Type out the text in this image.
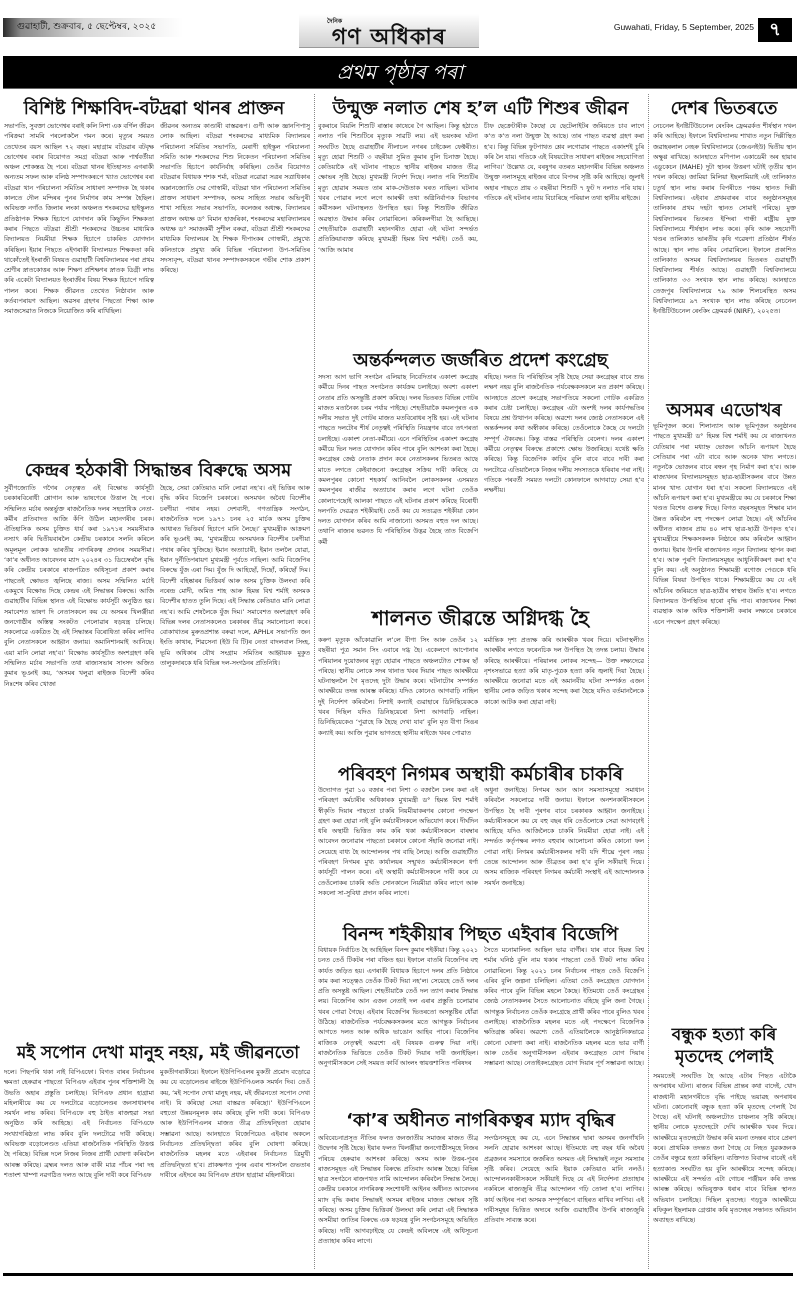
গুৱাহাটী, শুক্ৰবাৰ, ৫ ছেপ্টেম্বৰ, ২০২৫
দৈনিক
গণ অধিকাৰ	Guwahati, Friday, 5 September, 2025 ৭
প্ৰথম পৃষ্ঠাৰ পৰা
বিশিষ্ট শিক্ষাবিদ-বটদ্ৰৱা থানৰ প্ৰাক্তন
সভাপতি, সুবক্তা ভোগেশ্বৰ বৰাই কলি নিশা এক বৰ্ণিল জীৱন পৰিক্ৰমা সামৰি পৰলোকলৈ গমন কৰে। মৃত্যুৰ সময়ত তেখেতৰ বয়স আছিল ৭২ বছৰ। মহাগ্ৰাম বটদ্ৰৱাৰ বটবৃক্ষ ভোগেশ্বৰ বৰাৰ বিয়োগত সমগ্ৰ বটদ্ৰৱা আৰু পাৰ্শ্ববৰ্তীয়া অঞ্চল শোকস্তব্ধ হৈ পৰে। বটদ্ৰৱা থানৰ ইতিহাসত এগৰাকী অন্যতম সফল আৰু বলিষ্ঠ সম্পাদকৰূপে খ্যাত ভোগেশ্বৰ বৰা বটদ্ৰৱা থান পৰিচালনা সমিতিৰ সাধাৰণ সম্পাদক হৈ থকাৰ কালতে দৌল মন্দিৰৰ পুনৰ নিৰ্মাণৰ কাম সম্পন্ন হৈছিল। অবিভক্ত নগাঁও জিলাৰ লংকা অঞ্চলত শংকৰদেৱ হাইস্কুলত প্ৰতিষ্ঠাপক শিক্ষক হিচাপে যোগদান কৰি কিছুদিন শিক্ষকতা কৰাৰ পিছতে বটদ্ৰৱা শ্ৰীশ্ৰী শংকৰদেৱ উচ্চতৰ মাধ্যমিক বিদ্যালয়ত নিয়মীয়া শিক্ষক হিচাপে চাকৰিত যোগদান কৰিছিল। ইয়াৰ পিছতে এইগৰাকী বিদ্যালয়ত শিক্ষকতা কৰি থাকোঁতেই ইংৰাজী বিষয়ত গুৱাহাটী বিশ্ববিদ্যালয়ৰ পৰা প্ৰথম শ্ৰেণীৰ স্নাতকোত্তৰ আৰু শিক্ষণ প্ৰশিক্ষণৰ স্নাতক ডিগ্ৰী লাভ কৰি একেটা বিদ্যালয়ত ইংৰাজীৰ বিষয় শিক্ষক হিচাপে দায়িত্ব পালন কৰে। শিক্ষক জীৱনত তেখেত নিষ্ঠাবান আৰু কৰ্তব্যপৰায়ণ আছিল। অৱসৰ গ্ৰহণৰ পিছতো শিক্ষা আৰু সমাজসেৱাত নিজকে নিয়োজিত কৰি ৰাখিছিল।
জীৱনৰ অন্যতম কাণ্ডাৰী বাস্তৱৰূপ। গুণী আৰু জ্ঞানপিপাসু লোক আছিল। বটদ্ৰৱা শংকৰদেৱ মাধ্যমিক বিদ্যালয়ৰ পৰিচালনা সমিতিৰ সভাপতি, মেৰাণী হাইস্কুল পৰিচালনা সমিতি আৰু শংকৰদেৱ শিশু নিকেতন পৰিচালনা সমিতিৰ সভাপতি হিচাপে কাৰ্যনিৰ্বাহ কৰিছিল। তেওঁৰ বিয়োগত বটদ্ৰৱাৰ বিধায়ক শশক শৰ্মা, বটদ্ৰৱা নৱোৱা সত্ৰৰ সত্ৰাধিকাৰ অম্লানজ্যোতি দেৱ গোস্বামী, বটদ্ৰৱা থান পৰিচালনা সমিতিৰ প্ৰাক্তন সাধাৰণ সম্পাদক, অসম সাহিত্য সভাৰ অভিপুৰী শাখা সাহিত্য সভাৰ সভাপতি, কলেজৰ অধ্যক্ষ, বিদ্যালয়ৰ প্ৰাক্তন অধ্যক্ষ ড° বিমান হাজৰিকা, শংকৰদেৱ মহাবিদ্যালয়ৰ অধ্যক্ষ ড° সমাজকৰ্মী সুশীল বৰুৱা, বটদ্ৰৱা শ্ৰীশ্ৰী শংকৰদেৱ মাধ্যমিক বিদ্যালয়ৰ হৈ শিক্ষক দীপাংকৰ গোস্বামী, প্ৰমুখ্যে কলিতাকে প্ৰমুখ্য কৰি বিভিন্ন পৰিচালনা উপ-সমিতিৰ সদস্যবৃন্দ, বটদ্ৰৱা থানৰ সম্পাদকসকলে গভীৰ শোক প্ৰকাশ কৰিছে।
উন্মুক্ত নলাত শেষ হ’ল এটি শিশুৰ জীৱন
বুকৰাৰে বিয়লি শিশুটি ৰাস্তাৰ কাষেৰে গৈ আছিল। কিন্তু হঠাতে নলাত পৰি শিশুটিৰে মৃত্যুক সাৱটি লয়। এই ভয়ংকৰ ঘটনা সংঘটিত হৈছে গুৱাহাটীৰ নীলাচল নগৰৰ চাইকেল ফেক্টৰীত। মৃত্যু হোৱা শিশুটি ৩ বছৰীয়া সুমিত কুমাৰ বুলি চিনাক্ত হৈছে। কেতিয়াকৈ এই ঘটনাৰ পাছতে স্থানীয় ৰাইজৰ মাজত তীব্ৰ ক্ষোভৰ সৃষ্টি হৈছে। মুখ্যমন্ত্ৰী নিৰ্দেশ দিছে। নলাত পৰি শিশুটিৰ মৃত্যু হোৱাৰ সময়ত তাৰ মাক-দেউতাক ঘৰত নাছিল। ঘটনাৰ খবৰ পোৱাৰ লগে লগে আৰক্ষী তথা অগ্নিনিৰ্বাপক বিভাগৰ কৰ্মীসকল ঘটনাস্থলত উপস্থিত হয়। কিন্তু শিশুটিক জীৱিত অৱস্থাত উদ্ধাৰ কৰিব নোৱাৰিলে। কৰিকলগীয়া হৈ আছিছে। শেহতীয়াকৈ গুৱাহাটী মহানগৰীত হোৱা এই ঘটনা সন্দৰ্ভত প্ৰতিক্ৰিয়াব্যক্ত কৰিছে মুখ্যমন্ত্ৰী হিমন্ত বিশ্ব শৰ্মাই। তেওঁ কয়, ‘আজি আমাৰ
চীফ ছেক্ৰেটাৰীক কৈছো যে ছেটেলাইটৰ জৰিয়তে চাব লাগে ক’ত ক’ত নলা উন্মুক্ত হৈ আছে। তাৰ পাছত ব্যৱস্থা গ্ৰহণ কৰা হ’ব। কিন্তু বিভিন্ন ফুটপাথত শ্লেব লগোৱাৰ পাছতে একাংশই চুৰি কৰি লৈ যায়। গতিকে এই বিষয়টোত সাধাৰণ ৰাইজৰ সহযোগিতা লাগিব।’ উল্লেখ্য যে, বৰষুণৰ বতৰত মহানগৰীৰ বিভিন্ন অঞ্চলত উন্মুক্ত নলাসমূহে ৰাইজৰ বাবে বিপদৰ সৃষ্টি কৰি আহিছে। জুলাই অহাৰ পাছতে প্ৰায় ৩ বছৰীয়া শিশুটি ৭ ফুট দ নলাত পৰি যায়। গতিকে এই ঘটনাৰ ন্যায় বিচাৰিছে পৰিয়াল তথা স্থানীয় ৰাইজে।
দেশৰ ভিতৰতে
নেচনেল ইনষ্টিটিউচনেল ৰেংকিং ফ্ৰেমৱৰ্কত শীৰ্ষস্থান দখল কৰি আহিছে। ইফালে বিশ্ববিদ্যালয় শাখাত নতুন দিল্লীস্থিত জৱাহৰলাল নেহৰু বিশ্ববিদ্যালয়ে (জেএনইউ) দ্বিতীয় স্থান অক্ষুণ্ণ ৰাখিছে। আনহাতে মণিপাল একাডেমী অৰ হায়াৰ এডুকেচন (MAHE) দুটা স্থানৰ উত্তৰণ ঘটাই তৃতীয় স্থান দখল কৰিছে। জামিয়া মিলিয়া ইছলামিয়াই এই তালিকাত চতুৰ্থ স্থান লাভ কৰাৰ বিপৰীতে পঞ্চম স্থানত দিল্লী বিশ্ববিদ্যালয়। এইবাৰ প্ৰথমবাৰৰ বাবে অনুষ্ঠানসমূহৰ তালিকাৰ প্ৰথম দহটা স্থানত সোমাই পৰিছে। মুক্ত বিশ্ববিদ্যালয়ৰ ভিতৰত ইন্দিৰা গান্ধী ৰাষ্ট্ৰীয় মুক্ত বিশ্ববিদ্যালয়ে শীৰ্ষস্থান লাভ কৰে। কৃষি আৰু সহযোগী খণ্ডৰ তালিকাত ভাৰতীয় কৃষি গৱেষণা প্ৰতিষ্ঠান শীৰ্ষত আছে। স্থান লাভ কৰিব নোৱাৰিলে। ইফালে প্ৰকাশিত তালিকাত অসমৰ বিশ্ববিদ্যালয়ৰ ভিতৰত গুৱাহাটী বিশ্ববিদ্যালয় শীৰ্ষত আছে। গুৱাহাটী বিশ্ববিদ্যালয়ে তালিকাত ৩৩ সংখ্যক স্থান লাভ কৰিছে। আনহাতে তেজপুৰ বিশ্ববিদ্যালয়ে ৭৯ আৰু শিলচৰস্থিত অসম বিশ্ববিদ্যালয়ে ৯৭ সংখ্যক স্থান লাভ কৰিছে নেচনেল ইনষ্টিটিউচনেল ৰেংকিং ফ্ৰেমৱৰ্ক (NIRF), ২০২৫ত।
অন্তৰ্কন্দলত জৰ্জৰিত প্ৰদেশ কংগ্ৰেছ
সদস্য আগ ভাগি সংগঠন এলিয়াছ নিবেদিতাৰ একাংশ কংগ্ৰেছ কৰ্মীয়ে দিনৰ পাছত সংগঠনত কাৰ্যক্ৰম চলাইছে। অবশ্য একাংশ নেতাৰ প্ৰতি অসন্তুষ্টি প্ৰকাশ কৰিছে। দলৰ ভিতৰত বিভিন্ন গোটৰ মাজত মতানৈক্য চৰম পৰ্যায় পাইছে। শেহতীয়াকৈ কমলপুৰত এক দলীয় সভাত দুই গোটৰ মাজত মতবিৰোধৰ সৃষ্টি হয়। এই ঘটনাৰ পাছতে দলটোৰ শীৰ্ষ নেতৃত্বই পৰিস্থিতি নিয়ন্ত্ৰণৰ বাবে তৎপৰতা চলাইছে। একাংশ নেতা-কৰ্মীয়ে। এনে পৰিস্থিতিৰ একাংশ কংগ্ৰেছ কৰ্মীয়ে ভিন দলত যোগদান কৰিব পাৰে বুলি আশংকা কৰা হৈছে। কংগ্ৰেছৰ জেষ্ঠ নেতাক প্ৰদান কৰে নেতাসকলৰ ভিতৰত আছে মাতে লগতে কেইবাজনো কংগ্ৰেছৰ সক্ৰিয় দাবী কৰিছে যে কমলপুৰৰ কোনো শহকাৰ্য আনিবলৈ লোকসকলৰ এসময়ত কমলপুৰৰ ৰাজীৱ অত্যাচাৰ কৰাৰ লগে ঘটনা তেওঁক কোলাপেছোই আলকা পাছতে এই ঘটনাৰ প্ৰকাশ কৰিছে বিৰোধী দলপতি দেৱব্ৰত শইকীয়াই। তেওঁ কয় যে সত্যব্ৰত শইকীয়া কোন দলত যোগদান কৰিব আমি নাজানো। অসমত বহুত দল আছে। তথাপি ৰাজ্যৰ ভৱনত যি পৰিস্থিতিৰ উদ্ভৱ হৈছে তাত বিজেপি কৰ্মী
ৰহিছে। দলত যি পৰিস্থিতিৰ সৃষ্টি হৈছে সেয়া কংগ্ৰেছৰ বাবে শুভ লক্ষণ নহয় বুলি ৰাজনৈতিক পৰ্যবেক্ষকসকলে মত প্ৰকাশ কৰিছে। আনহাতে প্ৰদেশ কংগ্ৰেছ সভাপতিয়ে সকলো গোটক একত্ৰিত কৰাৰ চেষ্টা চলাইছে। কংগ্ৰেছৰ এটা অংশই দলৰ কাৰ্যপদ্ধতিৰ বিষয়ে প্ৰশ্ন উত্থাপন কৰিছে। অৱশ্যে দলৰ জ্যেষ্ঠ নেতাসকলে এই অন্তৰ্কন্দলৰ কথা অস্বীকাৰ কৰিছে। তেওঁলোকে কৈছে যে দলটো সম্পূৰ্ণ ঐক্যবদ্ধ। কিন্তু বাস্তৱ পৰিস্থিতি বেলেগ। দলৰ একাংশ কৰ্মীয়ে নেতৃত্বৰ বিৰুদ্ধে প্ৰকাশ্যে ক্ষোভ উজাৰিছে। যথেষ্ট ক্ষতি কৰিছে। কিন্তু বিজেপিক কাঢ়িব বুলি বাবে বাবে দাবী কৰা দলটোৱে এতিয়ালৈকে নিজৰ দলীয় সদস্যতকে ধৰিবাৰ পৰা নাই। গতিকে পৰবৰ্তী সময়ত দলটো কোনফালে আগবাঢ়ে সেয়া হ’ব লক্ষণীয়।
কেন্দ্ৰৰ হঠকাৰী সিদ্ধান্তৰ বিৰুদ্ধে অসম
সুৰ্বীণজ্যোতি গগৈৰ নেতৃত্বত এই বিক্ষোভ কাৰ্যসূচী চৰকাৰবিৰোধী শ্লোগান আৰু ভাষণেৰে উত্তাল হৈ পৰে। সন্মিলিত মৰ্চাৰ অন্তৰ্ভুক্ত ৰাজনৈতিক দলৰ সহস্ৰাধিক নেতা-কৰ্মীৰ প্ৰতিবাদত আজি কঁপি উঠিল মহানগৰীৰ চৰক। ঐতিহাসিক অসম চুক্তিত ধাৰ্য কৰা ১৯৭১ৰ সময়সীমাক নস্যাৎ কৰি দ্বিতীয়বাৰলৈ কেন্দ্ৰীয় চৰকাৰে সলনি কৰিলে অমূলমূল লোকক ভাৰতীয় নাগৰিকত্ব প্ৰদানৰ সময়সীমা। ‘কা’ৰ অধীনত আবেদনৰ ম্যাদ ২০২৪ৰ ৩১ ডিচেম্বৰলৈ বৃদ্ধি কৰি কেন্দ্ৰীয় চৰকাৰে ৰাজপত্ৰিত অধিসূচনা প্ৰকাশ কৰাৰ পাছতেই ক্ষোভত জ্বলিছে ৰাজ্য। অসম সন্মিলিত মৰ্চাই একমুখে বিক্ষোভ দিছে কেন্দ্ৰৰ এই সিদ্ধান্তৰ বিৰুদ্ধে। আজি গুৱাহাটীৰ বিভিন্ন স্থানত এই বিক্ষোভ কাৰ্যসূচী অনুষ্ঠিত হয়। সমাবেশত ভাষণ দি নেতাসকলে কয় যে অসমৰ খিলঞ্জীয়া জনগোষ্ঠীৰ অস্তিত্ব সংকটত পেলোৱাৰ ষড়যন্ত্ৰ চলিছে। সকলোৱে একত্ৰিত হৈ এই সিদ্ধান্তৰ বিৰোধিতা কৰিব লাগিব বুলি নেতাসকলে আহ্বান জনায়। অমানিশানমাই আনিছে। এয়া মানি লোৱা নহ’ব।’ বিক্ষোভ কাৰ্যসূচীত অংশগ্ৰহণ কৰি সন্মিলিত মৰ্চাৰ সভাপতি তথা ৰাজ্যসভাৰ সাংসদ অজিত কুমাৰ ভূঞাই কয়, ‘অসমৰ খলুৱা ৰাইজক বিদেশী কৰিব নিঃশেষ কৰিব খোজা
হৈছে, সেয়া কেতিয়াও মানি লোৱা নহ’ব। এই ভিত্তিৰ আৰু বৃদ্ধি কৰিব বিজেপি চৰকাৰে। অসমখন অবৈধ বিদেশীৰ চৰণীয়া পথাৰ নহয়। দেশবাসী, গণতান্ত্ৰিক সংগঠন, ৰাজনৈতিক দলে ১৯৭১ চনৰ ২৫ মাৰ্চক অসম চুক্তিৰ আধাৰত ভিত্তিবৰ্ষ হিচাপে মানি লৈছে।’ মুখ্যমন্ত্ৰীক আক্ৰমণ কৰি ভূঞাই কয়, ‘মুখ্যমন্ত্ৰীয়ে অসমখনক বিদেশীৰ চৰণীয়া পথাৰ কৰিব খুজিছে। ইমান অত্যাচাৰী, ইমান তললৈ যোৱা, ইমান দুৰ্নীতিপৰায়ণ মুখ্যমন্ত্ৰী পূৰ্বতে নাছিল। আমি বিজেপিৰ বিৰুদ্ধে যুঁজ এৰা দিম। যুঁজ দি আহিছোঁ, দিছোঁ, কৰিছোঁ দিম। বিদেশী বহিষ্কাৰৰ ভিত্তিবৰ্ষ আৰু অসম চুক্তিক উলংঘা কৰি নৰেন্দ্ৰ মোদী, অমিত শাহ আৰু হিমন্ত বিশ্ব শৰ্মাই অসমক বিদেশীৰ হাতত তুলি দিছে। এই সিদ্ধান্ত কেতিয়াও মানি লোৱা নহ’ব। আমি শেষলৈকে যুঁজ দিম।’ সমাবেশত অংশগ্ৰহণ কৰি বিভিন্ন দলৰ নেতাসকলেও চৰকাৰৰ তীব্ৰ সমালোচনা কৰে। বোকাখাতৰ মুৰুতপ্ৰশান্ত বৰুৱা দলে, APHLৰ সভাপতি জন ইংতি কাথাৰ, শিৱসেনা (ইউ বি টি)ৰ নেতা বাদলবাল সিংহ, ভূমি অধিকাৰ যৌথ সংগ্ৰাম সমিতিৰ আহ্বায়ক মুকুত তালুকদাৰকে ধৰি বিভিন্ন দল-সংগঠনৰ প্ৰতিনিধি।
শালনত জীৱন্তে অগ্নিদগ্ধ হৈ
কৰুণ মৃত্যুক আঁকোৱালি ল’লে বীণা সিং আৰু তেওঁৰ ১২ বছৰীয়া পুত্ৰ সমান সিং এবাৰে দগ্ধ হৈ। একেলগে আপোনাৰ পৰিয়ালৰ দুয়োজনৰ মৃত্যু হোৱাৰ পাছতে অঞ্চলটোত শোকৰ ছাঁ পৰিছে। স্থানীয় লোকে সদৰ থানাত খবৰ দিয়াৰ পাছত আৰক্ষীয়ে ঘটনাস্থললৈ গৈ মৃতদেহ দুটা উদ্ধাৰ কৰে। ঘটনাটোৰ সম্পৰ্কত আৰক্ষীয়ে তদন্ত আৰম্ভ কৰিছে। যদিও কোনেও আগবাঢ়ি নাহিল দুই নিৰ্দেশণ কৰিবলৈ। নিশাই কন্যাই গুৱাহাৰে ডিনিছিয়েককে খবৰ দিছিল যদিও ডিনিছয়েৰো নিশা আগবাঢ়ি নাহিল। ডিনিছিয়েকেও ‘পুৱাহে কি হৈছে দেখা যাব’ বুলি মৃত বীণা সিঙৰ কন্যাই কয়। আজি পুৱাৰ ভাগতহে স্থানীয় ৰাইজে খবৰ পোৱাত
মৰ্মান্তিক দৃশ্য প্ৰত্যক্ষ কৰি আৰক্ষীক খবৰ দিয়ে। ঘটনাস্থলীত আৰক্ষীৰ লগতে ফৰেনচিক দল উপস্থিত হৈ তদন্ত চলায়। উদ্ধাৰ কৰিছে আৰক্ষীয়ে। পৰিয়ালৰ লোকৰ সন্দেহ— উক্ত লক্ষ্যদেৱে নৃশংসভাৱে হত্যা কৰি মাতৃ-পুত্ৰক হত্যা কৰি জ্বলাই দিয়া হৈছে। আৰক্ষীয়ে জনোৱা মতে এই অমানবীয় ঘটনা সম্পৰ্কত এজন স্থানীয় লোক জড়িত থকাৰ সন্দেহ কৰা হৈছে যদিও বৰ্তমানলৈকে কাকো আটক কৰা হোৱা নাই।
অসমৰ এডোখৰ
ভূমিপূজন কৰে। শিলান্যাস আৰু ভূমিপূজন অনুষ্ঠানৰ পাছতে মুখ্যমন্ত্ৰী ড° হিমন্ত বিশ্ব শৰ্মাই কয় যে ৰাজ্যখনত যেতিয়াৰ পৰা মধ্যাহ্ন ভোজন আঁচনি ৰূপায়ণ হৈছে সেতিয়াৰ পৰা এটা বাবে আৰু অনেক খাদ্য লগতে। নতুনকৈ ভোজনৰ বাবে ৰন্ধন গৃহ নিৰ্মাণ কৰা হ’ব। আৰু ৰাজ্যখনৰ বিদ্যালয়সমূহত ছাত্ৰ-ছাত্ৰীসকলৰ বাবে উন্নত মানৰ খাদ্য যোগান ধৰা হ’ব। সকলো বিদ্যালয়তে এই আঁচনি ৰূপায়ণ কৰা হ’ব। মুখ্যমন্ত্ৰীয়ে কয় যে চৰকাৰে শিক্ষা খণ্ডত বিশেষ গুৰুত্ব দিছে। বিগত বছৰসমূহত শিক্ষাৰ মান উন্নত কৰিবলৈ বহু পদক্ষেপ লোৱা হৈছে। এই আঁচনিৰ অধীনত ৰাজ্যৰ প্ৰায় ৪০ লাখ ছাত্ৰ-ছাত্ৰী উপকৃত হ’ব। মুখ্যমন্ত্ৰীয়ে শিক্ষকসকলক নিষ্ঠাৰে কাম কৰিবলৈ আহ্বান জনায়। ইয়াৰ উপৰি ৰাজ্যখনত নতুন বিদ্যালয় স্থাপন কৰা হ’ব। আৰু পুৰণি বিদ্যালয়সমূহৰ আধুনিকীকৰণ কৰা হ’ব বুলি কয়। এই অনুষ্ঠানত শিক্ষামন্ত্ৰী ৰণোজ পেগুকে ধৰি বিভিন্ন বিষয়া উপস্থিত থাকে। শিক্ষামন্ত্ৰীয়ে কয় যে এই আঁচনিৰ জৰিয়তে ছাত্ৰ-ছাত্ৰীৰ স্বাস্থ্যৰ উন্নতি হ’ব। লগতে বিদ্যালয়ত উপস্থিতিৰ হাৰো বৃদ্ধি পাব। ৰাজ্যখনৰ শিক্ষা ব্যৱস্থাক আৰু অধিক শক্তিশালী কৰাৰ লক্ষ্যৰে চৰকাৰে এনে পদক্ষেপ গ্ৰহণ কৰিছে।
পৰিবহণ নিগমৰ অস্থায়ী কৰ্মচাৰীৰ চাকৰি
উদ্যোগত পুৱা ১০ বজাৰ পৰা নিশা ৩ বজালৈ চলৰ কৰা এই পৰিবহণ কৰ্মচাৰীৰ অধিকাৰক মুখ্যমন্ত্ৰী ড° হিমন্ত বিশ্ব শৰ্মাই স্বীকৃতি দিয়াৰ পাছতো চাকৰি নিয়মীয়াকৰণৰ কোনো পদক্ষেপ গ্ৰহণ কৰা হোৱা নাই বুলি কৰ্মচাৰীসকলে অভিযোগ কৰে। দীৰ্ঘদিন ধৰি অস্থায়ী ভিত্তিত কাম কৰি থকা কৰ্মচাৰীসকলে বাৰম্বাৰ আবেদন জনোৱাৰ পাছতো চৰকাৰে কোনো সঁহাৰি জনোৱা নাই। সেয়েহে বাধ্য হৈ আন্দোলনৰ পথ বাছি লৈছে। আজি গুৱাহাটীত পৰিবহণ নিগমৰ মুখ্য কাৰ্যালয়ৰ সন্মুখত কৰ্মচাৰীসকলে ধৰ্ণা কাৰ্যসূচী পালন কৰে। এই অস্থায়ী কৰ্মচাৰীসকলে দাবী কৰে যে তেওঁলোকৰ চাকৰি অতি সোনকালে নিয়মীয়া কৰিব লাগে আৰু সকলো সা-সুবিধা প্ৰদান কৰিব লাগে।
অধুনা জনাইছে। নিগমৰ আন আন সমস্যাসমূহো সমাধান কৰিবলৈ সকলোৱে দাবী জনায়। ইফালে অনশনকাৰীসকলে উপস্থিত হৈ দাবী পূৰণৰ বাবে চৰকাৰক আহ্বান জনাইছে। কৰ্মচাৰীসকলে কয় যে বহু বছৰ ধৰি তেওঁলোকে সেৱা আগবঢ়াই আহিছে যদিও আজিলৈকে চাকৰি নিয়মীয়া হোৱা নাই। এই সন্দৰ্ভত কৰ্তৃপক্ষৰ লগত বহুবাৰ আলোচনা কৰিও কোনো ফল পোৱা নাই। নিগমৰ কৰ্মচাৰীসকলৰ দাবী যদি শীঘ্ৰে পূৰণ নহয় তেন্তে আন্দোলন আৰু তীব্ৰতৰ কৰা হ’ব বুলি সকীয়াই দিয়ে। অসম ৰাজ্যিক পৰিবহণ নিগমৰ কৰ্মচাৰী সংস্থাই এই আন্দোলনক সমৰ্থন জনাইছে।
বিনন্দ শইকীয়াৰ পিছত এইবাৰ বিজেপি
বিধায়ক নিৰ্বাচিত হৈ আহিছিল বিনন্দ কুমাৰ শইকীয়া। কিন্তু ২০২১ চনত তেওঁ টিকটৰ পৰা বঞ্চিত হয়। ইফালে বাতৰি বিজেপিৰ বহু কাৰ্যত জড়িত হয়। এগৰাকী বিধায়ক হিচাপে দলৰ প্ৰতি নিষ্ঠাৰে কাম কৰা সত্ত্বেও তেওঁক টিকট দিয়া নহ’ল। সেয়েহে তেওঁ দলৰ প্ৰতি অসন্তুষ্ট আছিল। শেহতীয়াকৈ তেওঁ দল ত্যাগ কৰাৰ সিদ্ধান্ত লয়। বিজেপিৰ আন এজন নেতাই দল এৰাৰ প্ৰস্তুতি চলোৱাৰ খবৰ পোৱা গৈছে। এইবাৰ বিজেপিৰ ভিতৰতো অসন্তুষ্টিৰ ধোঁৱা উঠিছে। ৰাজনৈতিক পৰ্যবেক্ষকসকলৰ মতে আগন্তুক নিৰ্বাচনৰ আগতে দলত আৰু অধিক ভাঙোন আহিব পাৰে। বিজেপিৰ ৰাজ্যিক নেতৃত্বই অৱশ্যে এই বিষয়ক গুৰুত্ব দিয়া নাই। ৰাজনৈতিক ভিত্তিতে তেওঁক টিকট দিয়াৰ দাবী জনাইছিল। অনুগামীসকলে সেই সময়ত কাৰ্বি আংলং স্বায়ত্তশাসিত পৰিষদৰ
সৈতে মনোমালিন্য আছিল ভাৱ বাৰ্গীৰ। যাৰ বাবে হিমন্ত বিশ্ব শৰ্মাৰ ঘনিষ্ঠ বুলি নাম থকাৰ পাছতো তেওঁ টিকট লাভ কৰিব নোৱাৰিলে। কিন্তু ২০২১ চনৰ নিৰ্বাচনৰ পাছত তেওঁ বিজেপি এৰিব বুলি জল্পনা চলিছিল। এতিয়া তেওঁ কংগ্ৰেছত যোগদান কৰিব পাৰে বুলি বিভিন্ন মহলে কৈছে। ইতিমধ্যে তেওঁ কংগ্ৰেছৰ জ্যেষ্ঠ নেতাসকলৰ সৈতে আলোচনাত বহিছে বুলি জনা গৈছে। আগন্তুক নিৰ্বাচনত তেওঁক কংগ্ৰেছে প্ৰাৰ্থী কৰিব পাৰে বুলিও খবৰ ওলাইছে। ৰাজনৈতিক মহলৰ মতে এই পদক্ষেপে বিজেপিক ক্ষতিগ্ৰস্ত কৰিব। অৱশ্যে তেওঁ এতিয়ালৈকে আনুষ্ঠানিকভাৱে কোনো ঘোষণা কৰা নাই। ৰাজনৈতিক মহলৰ মতে ভাৱ বাৰ্গী আৰু তেওঁৰ অনুগামীসকল এইবাৰ কংগ্ৰেছত যোগ দিয়াৰ সম্ভাৱনা আছে। নেতাইকংগ্ৰেছত যোগ দিয়াৰ পূৰ্ণ সম্ভাৱনা আছে।
মই সপোন দেখা মানুহ নহয়, মই জীৱনতো
দলে। পিছপৰি থকা নাই বিপিএফো। বিগত বাৰৰ নিৰ্বাচনৰ ক্ষমতা হেৰুৱাৰ পাছতো বিপিএফ এইবাৰ পুনৰ শক্তিশালী হৈ উভতি অহাৰ প্ৰস্তুতি চলাইছে। বিপিএফ প্ৰধান হাগ্ৰামা মহিলাৰীয়ে কয় যে দলটোৱে বড়োলেণ্ডৰ জনসাধাৰণৰ সমৰ্থন লাভ কৰিব। বিপিএফে বহু ঠাইত ৰাজহুৱা সভা অনুষ্ঠিত কৰি আহিছে। এই নিৰ্বাচনত বিপিএফে সংখ্যাগৰিষ্ঠতা লাভ কৰিব বুলি দলটোৱে দাবী কৰিছে। অবিভক্ত বড়োলেণ্ডত এতিয়া ৰাজনৈতিক পৰিস্থিতি উত্তপ্ত হৈ পৰিছে। বিভিন্ন দলে নিজৰ নিজৰ প্ৰাৰ্থী ঘোষণা কৰিবলৈ আৰম্ভ কৰিছে। ব্ৰহ্মৰ দলত আৰু বাকী মাত্ৰ পাঁচৰ পৰা দহ শতাংশ খাম্পা নৱগঠিত দলত আছে বুলি দাবী কৰে বিপিএফ
মুকতীগৰাকীয়ে। ইফালে ইউপিপিএলৰ মুকতী প্ৰমোদ বড়োৱে কয় যে বড়োলেণ্ডৰ ৰাইজে ইউপিপিএলক সমৰ্থন দিব। তেওঁ কয়, ‘মই সপোন দেখা মানুহ নহয়, মই জীৱনতো সপোন দেখা নাই। যি কৰিছো সেয়া বাস্তৱত কৰিছো।’ ইউপিপিএলে বহুতো উন্নয়নমূলক কাম কৰিছে বুলি দাবী কৰে। বিপিএফ আৰু ইউপিপিএলৰ মাজত তীব্ৰ প্ৰতিদ্বন্দ্বিতা হোৱাৰ সম্ভাৱনা আছে। আনহাতে বিজেপিয়েও এইবাৰ অকলে নিৰ্বাচনত প্ৰতিদ্বন্দ্বিতা কৰিব বুলি ঘোষণা কৰিছে। ৰাজনৈতিক মহলৰ মতে এইবাৰৰ নিৰ্বাচনত ত্ৰিমুখী প্ৰতিদ্বন্দ্বিতা হ’ব। প্ৰাকক্ষণত পুনৰ এবাৰ শাসনলৈ গুভতাৰ দাবীৰে এইদৰে কয় বিপিএফ প্ৰধান হাগ্ৰামা মহিলাৰীয়ে।
‘কা’ৰ অধীনত নাগৰিকত্বৰ ম্যাদ বৃদ্ধিৰ
অবিবেচনাপ্ৰসূত নীতিৰ ফলত জনজাতীয় সমাজৰ মাজত তীব্ৰ উদ্বেগৰ সৃষ্টি হৈছে। ইয়াৰ ফলত খিলঞ্জীয়া জনগোষ্ঠীসমূহে নিজৰ পৰিচয় হেৰুৱাৰ আশংকা কৰিছে। অসম আৰু উত্তৰ-পূবৰ ৰাজ্যসমূহত এই সিদ্ধান্তৰ বিৰুদ্ধে প্ৰতিবাদ আৰম্ভ হৈছে। বিভিন্ন ছাত্ৰ সংগঠনে ৰাজপথত নামি আন্দোলন কৰিবলৈ সিদ্ধান্ত লৈছে। কেন্দ্ৰীয় চৰকাৰে নাগৰিকত্ব সংশোধনী আইনৰ অধীনত আবেদনৰ ম্যাদ বৃদ্ধি কৰাৰ সিদ্ধান্তই অসমৰ ৰাইজৰ মাজত ক্ষোভৰ সৃষ্টি কৰিছে। অসম চুক্তিৰ ভিত্তিবৰ্ষ উলংঘা কৰি লোৱা এই সিদ্ধান্তক অসমীয়া জাতিৰ বিৰুদ্ধে এক ষড়যন্ত্ৰ বুলি সংগঠনসমূহে অভিহিত কৰিছে। দাবী আগবঢ়াইছে যে কেন্দ্ৰই অবিলম্বে এই অধিসূচনা প্ৰত্যাহাৰ কৰিব লাগে।
সংগঠনসমূহে কয় যে, এনে সিদ্ধান্তৰ দ্বাৰা অসমৰ জনগাঁথনি সলনি হোৱাৰ আশংকা আছে। ইতিমধ্যে বহু বছৰ ধৰি অবৈধ প্ৰব্ৰজনৰ সমস্যাৰে জৰ্জৰিত অসমত এই সিদ্ধান্তই নতুন সমস্যাৰ সৃষ্টি কৰিব। সেয়েহে আমি ইয়াক কেতিয়াও মানি নলওঁ। আন্দোলনকাৰীসকলে সকীয়াই দিছে যে এই নিৰ্দেশনা প্ৰত্যাহাৰ নকৰিলে ৰাজ্যজুৰি তীব্ৰ আন্দোলন গঢ়ি তোলা হ’ব। লাগিব। কাৰ্য আইনৰ পৰা অসমক সম্পূৰ্ণৰূপে বাহিৰত ৰাখিব লাগিব। এই দাবীসমূহৰ ভিত্তিত অদ্যৰে আজি গুৱাহাটীৰ উপৰি ৰাজ্যজুৰি প্ৰতিবাদ সাব্যস্ত কৰে।
বন্ধুক হত্যা কৰি মৃতদেহ পেলাই
সময়তেই সংঘটিত হৈ আছে এটাৰ পিছত এটাকৈ অপৰাধৰ ঘটনা। ৰাজ্যৰ বিভিন্ন প্ৰান্তৰ কথা বাদেই, খোদ ৰাজধানী মহানগৰীতে বৃদ্ধি পাইছে ভয়াৱহ অপৰাধৰ ঘটনা। কোনোবাই বন্ধুক হত্যা কৰি মৃতদেহ পেলাই থৈ গৈছে। এই ঘটনাই অঞ্চলটোত চাঞ্চল্যৰ সৃষ্টি কৰিছে। স্থানীয় লোকে মৃতদেহটো দেখি আৰক্ষীক খবৰ দিয়ে। আৰক্ষীয়ে মৃতদেহটো উদ্ধাৰ কৰি ময়না তদন্তৰ বাবে প্ৰেৰণ কৰে। প্ৰাথমিক তদন্তত জনা গৈছে যে নিহত যুৱকজনক তেওঁৰ বন্ধুৱে হত্যা কৰিছিল। ব্যক্তিগত বিবাদৰ বাবেই এই হত্যাকাণ্ড সংঘটিত হয় বুলি আৰক্ষীয়ে সন্দেহ কৰিছে। আৰক্ষীয়ে এই সন্দৰ্ভত এটা গোচৰ পঞ্জীয়ন কৰি তদন্ত আৰম্ভ কৰিছে। অভিযুক্তক ধৰাৰ বাবে বিভিন্ন স্থানত অভিযান চলাইছে। দিছিল মৃতদেহ। গড়চুক আৰক্ষীয়ে ৰফিকুল ইছলামক গ্ৰেপ্তাৰ কৰি মৃতদেহৰ সন্ধানত অভিযান অব্যাহত ৰাখিছে।
